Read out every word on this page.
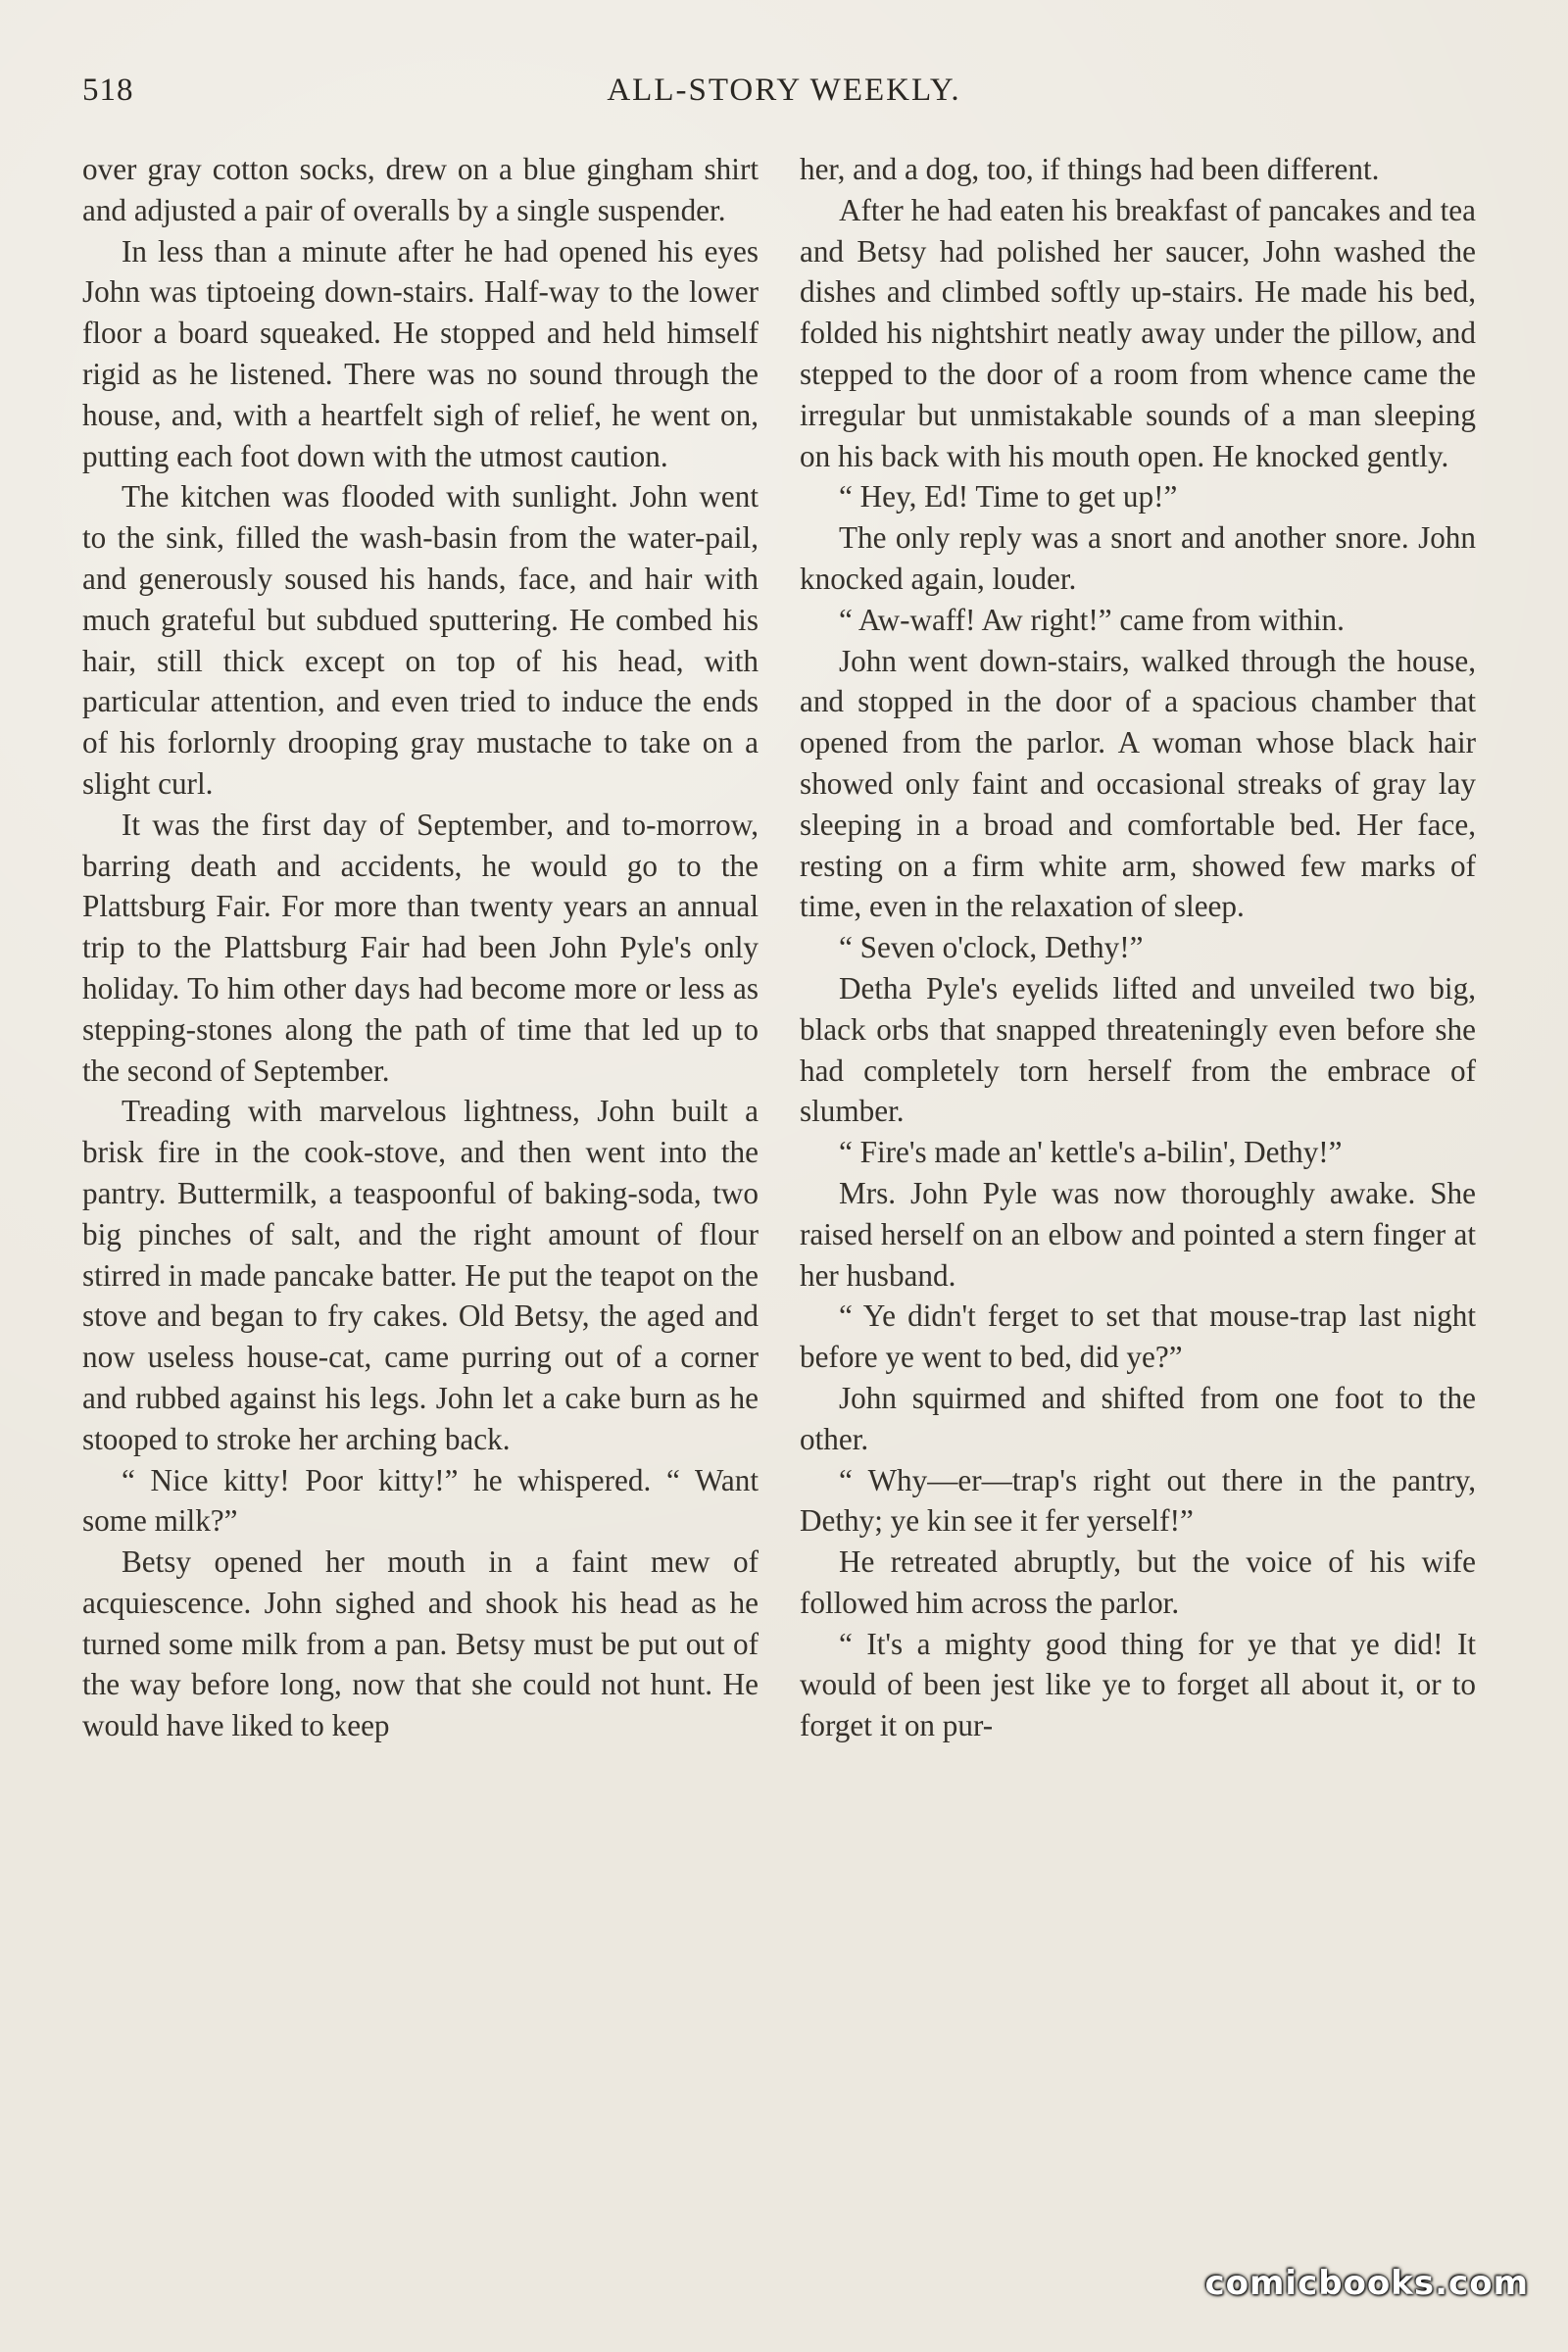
518	ALL-STORY WEEKLY.

over gray cotton socks, drew on a blue gingham shirt and adjusted a pair of overalls by a single suspender.

In less than a minute after he had opened his eyes John was tiptoeing down-stairs. Half-way to the lower floor a board squeaked. He stopped and held himself rigid as he listened. There was no sound through the house, and, with a heartfelt sigh of relief, he went on, putting each foot down with the utmost caution.

The kitchen was flooded with sunlight. John went to the sink, filled the wash-basin from the water-pail, and generously soused his hands, face, and hair with much grateful but subdued sputtering. He combed his hair, still thick except on top of his head, with particular attention, and even tried to induce the ends of his forlornly drooping gray mustache to take on a slight curl.

It was the first day of September, and to-morrow, barring death and accidents, he would go to the Plattsburg Fair. For more than twenty years an annual trip to the Plattsburg Fair had been John Pyle's only holiday. To him other days had become more or less as stepping-stones along the path of time that led up to the second of September.

Treading with marvelous lightness, John built a brisk fire in the cook-stove, and then went into the pantry. Buttermilk, a teaspoonful of baking-soda, two big pinches of salt, and the right amount of flour stirred in made pancake batter. He put the teapot on the stove and began to fry cakes. Old Betsy, the aged and now useless house-cat, came purring out of a corner and rubbed against his legs. John let a cake burn as he stooped to stroke her arching back.

“ Nice kitty! Poor kitty!” he whispered. “ Want some milk?”

Betsy opened her mouth in a faint mew of acquiescence. John sighed and shook his head as he turned some milk from a pan. Betsy must be put out of the way before long, now that she could not hunt. He would have liked to keep

her, and a dog, too, if things had been different.

After he had eaten his breakfast of pancakes and tea and Betsy had polished her saucer, John washed the dishes and climbed softly up-stairs. He made his bed, folded his nightshirt neatly away under the pillow, and stepped to the door of a room from whence came the irregular but unmistakable sounds of a man sleeping on his back with his mouth open. He knocked gently.

“ Hey, Ed! Time to get up!”

The only reply was a snort and another snore. John knocked again, louder.

“ Aw-waff! Aw right!” came from within.

John went down-stairs, walked through the house, and stopped in the door of a spacious chamber that opened from the parlor. A woman whose black hair showed only faint and occasional streaks of gray lay sleeping in a broad and comfortable bed. Her face, resting on a firm white arm, showed few marks of time, even in the relaxation of sleep.

“ Seven o'clock, Dethy!”

Detha Pyle's eyelids lifted and unveiled two big, black orbs that snapped threateningly even before she had completely torn herself from the embrace of slumber.

“ Fire's made an' kettle's a-bilin', Dethy!”

Mrs. John Pyle was now thoroughly awake. She raised herself on an elbow and pointed a stern finger at her husband.

“ Ye didn't ferget to set that mouse-trap last night before ye went to bed, did ye?”

John squirmed and shifted from one foot to the other.

“ Why—er—trap's right out there in the pantry, Dethy; ye kin see it fer yerself!”

He retreated abruptly, but the voice of his wife followed him across the parlor.

“ It's a mighty good thing for ye that ye did! It would of been jest like ye to forget all about it, or to forget it on pur-

comicbooks.com
